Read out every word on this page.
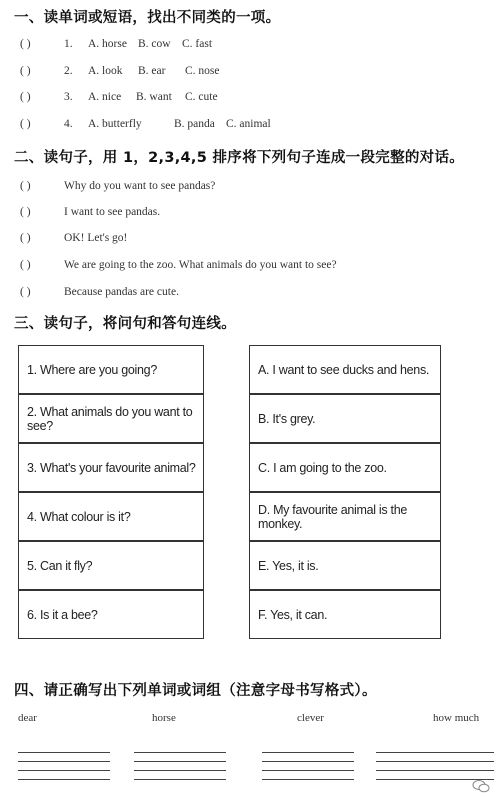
一、读单词或短语，找出不同类的一项。
( )	1. A. horse B. cow C. fast
( )	2. A. look B. ear C. nose
( )	3. A. nice B. want C. cute
( )	4. A. butterfly	B. panda C. animal
二、读句子，用 1，2,3,4,5 排序将下列句子连成一段完整的对话。
( )	Why do you want to see pandas?
( )	I want to see pandas.
( )	OK! Let's go!
( )	We are going to the zoo. What animals do you want to see?
( )	Because pandas are cute.
三、读句子，将问句和答句连线。
1. Where are you going?
2. What animals do you want to see?
3. What's your favourite animal?
4. What colour is it?
5. Can it fly?
6. Is it a bee?
A. I want to see ducks and hens.
B. It's grey.
C. I am going to the zoo.
D. My favourite animal is the monkey.
E. Yes, it is.
F. Yes, it can.
四、请正确写出下列单词或词组（注意字母书写格式）。
dear	horse	clever	how much
